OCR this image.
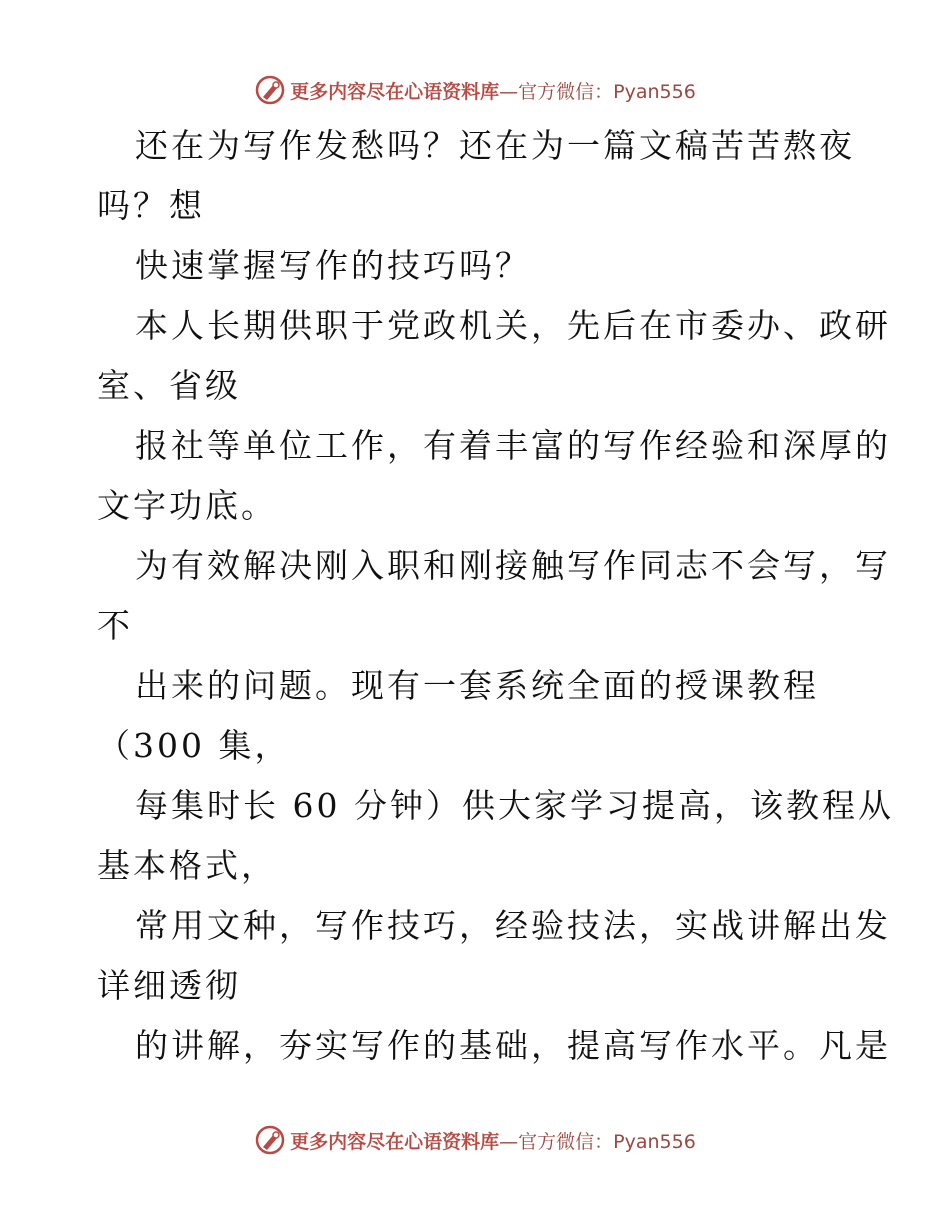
更多内容尽在心语资料库—官方微信：Pyan556
还在为写作发愁吗？还在为一篇文稿苦苦熬夜
吗？想
快速掌握写作的技巧吗？
本人长期供职于党政机关，先后在市委办、政研
室、省级
报社等单位工作，有着丰富的写作经验和深厚的
文字功底。
为有效解决刚入职和刚接触写作同志不会写，写
不
出来的问题。现有一套系统全面的授课教程
（300 集，
每集时长 60 分钟）供大家学习提高，该教程从
基本格式，
常用文种，写作技巧，经验技法，实战讲解出发
详细透彻
的讲解，夯实写作的基础，提高写作水平。凡是
更多内容尽在心语资料库—官方微信：Pyan556
